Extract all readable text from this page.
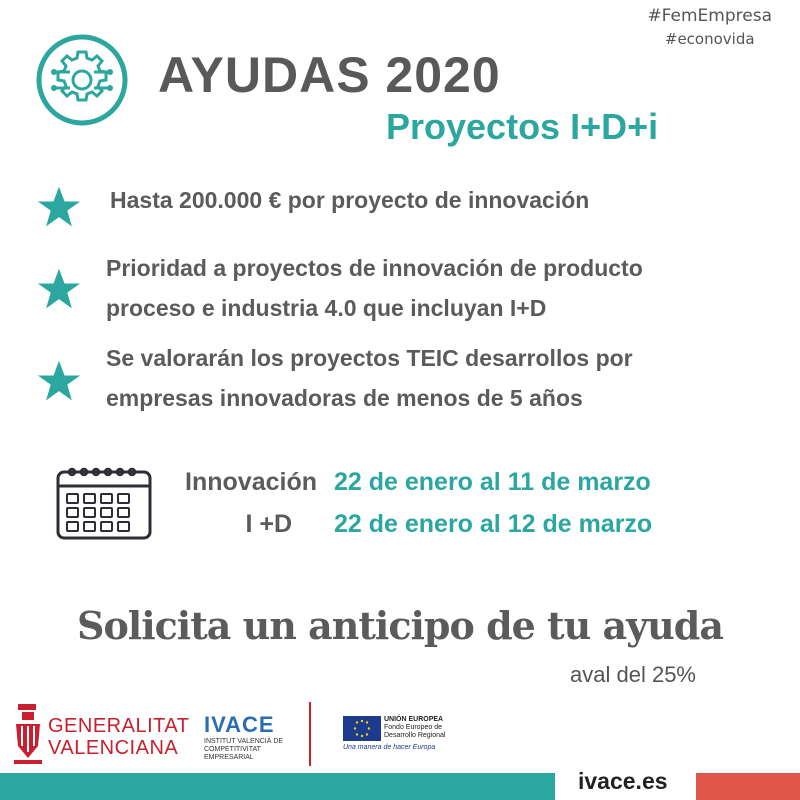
#FemEmpresa
#econovida
AYUDAS 2020
Proyectos I+D+i
Hasta 200.000 € por proyecto de innovación
Prioridad a proyectos de innovación de producto
proceso e industria 4.0 que incluyan I+D
Se valorarán los proyectos TEIC desarrollos por
empresas innovadoras de menos de 5 años
Innovación 22 de enero al 11 de marzo
I +D 22 de enero al 12 de marzo
Solicita un anticipo de tu ayuda
aval del 25%
GENERALITAT
VALENCIANA
IVACE
INSTITUT VALENCIÀ DE
COMPETITIVITAT EMPRESARIAL
UNIÓN EUROPEA
Fondo Europeo de
Desarrollo Regional
Una manera de hacer Europa
ivace.es
